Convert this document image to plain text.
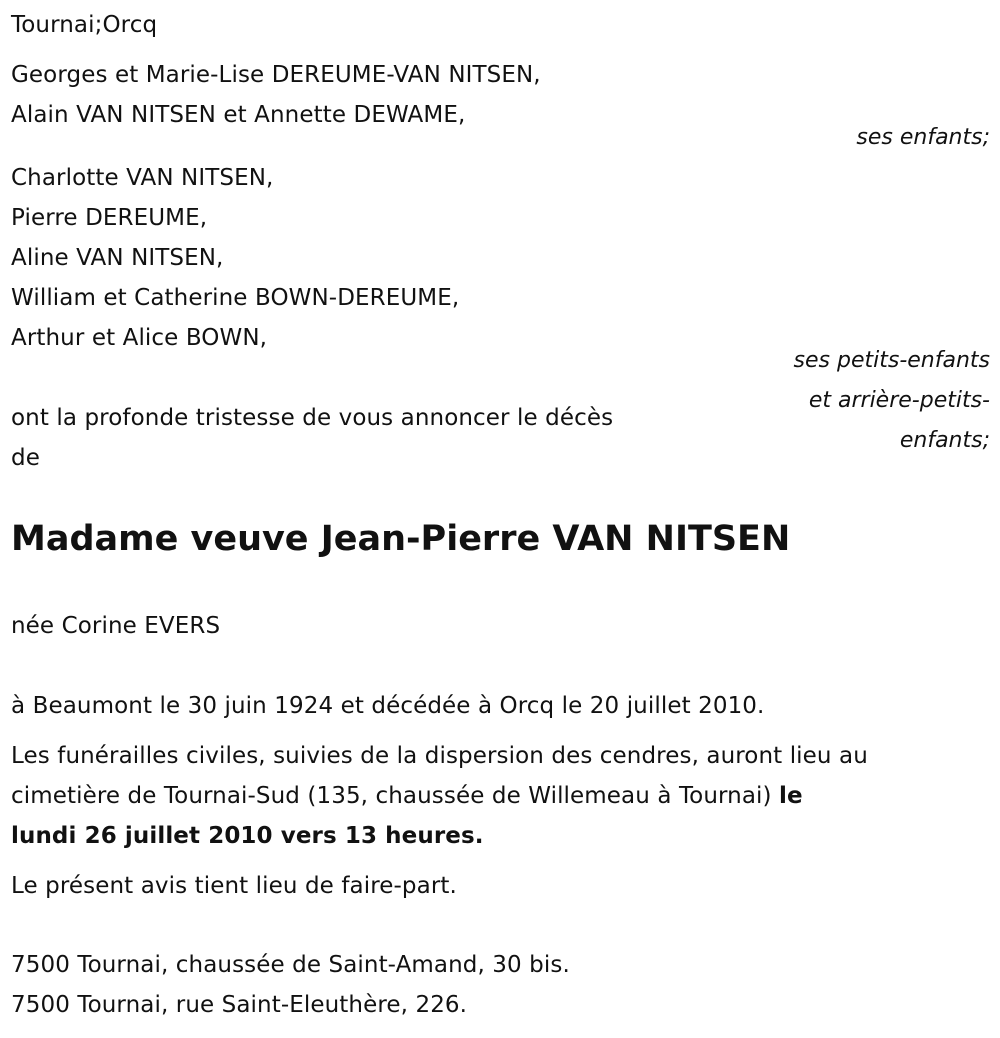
Tournai;Orcq
Georges et Marie-Lise DEREUME-VAN NITSEN,
Alain VAN NITSEN et Annette DEWAME,
ses enfants;
Charlotte VAN NITSEN,
Pierre DEREUME,
Aline VAN NITSEN,
William et Catherine BOWN-DEREUME,
Arthur et Alice BOWN,
ses petits-enfants
et arrière-petits-
enfants;
ont la profonde tristesse de vous annoncer le décès
de
Madame veuve Jean-Pierre VAN NITSEN
née Corine EVERS
à Beaumont le 30 juin 1924 et décédée à Orcq le 20 juillet 2010.
Les funérailles civiles, suivies de la dispersion des cendres, auront lieu au
cimetière de Tournai-Sud (135, chaussée de Willemeau à Tournai) le
lundi 26 juillet 2010 vers 13 heures.
Le présent avis tient lieu de faire-part.
7500 Tournai, chaussée de Saint-Amand, 30 bis.
7500 Tournai, rue Saint-Eleuthère, 226.
